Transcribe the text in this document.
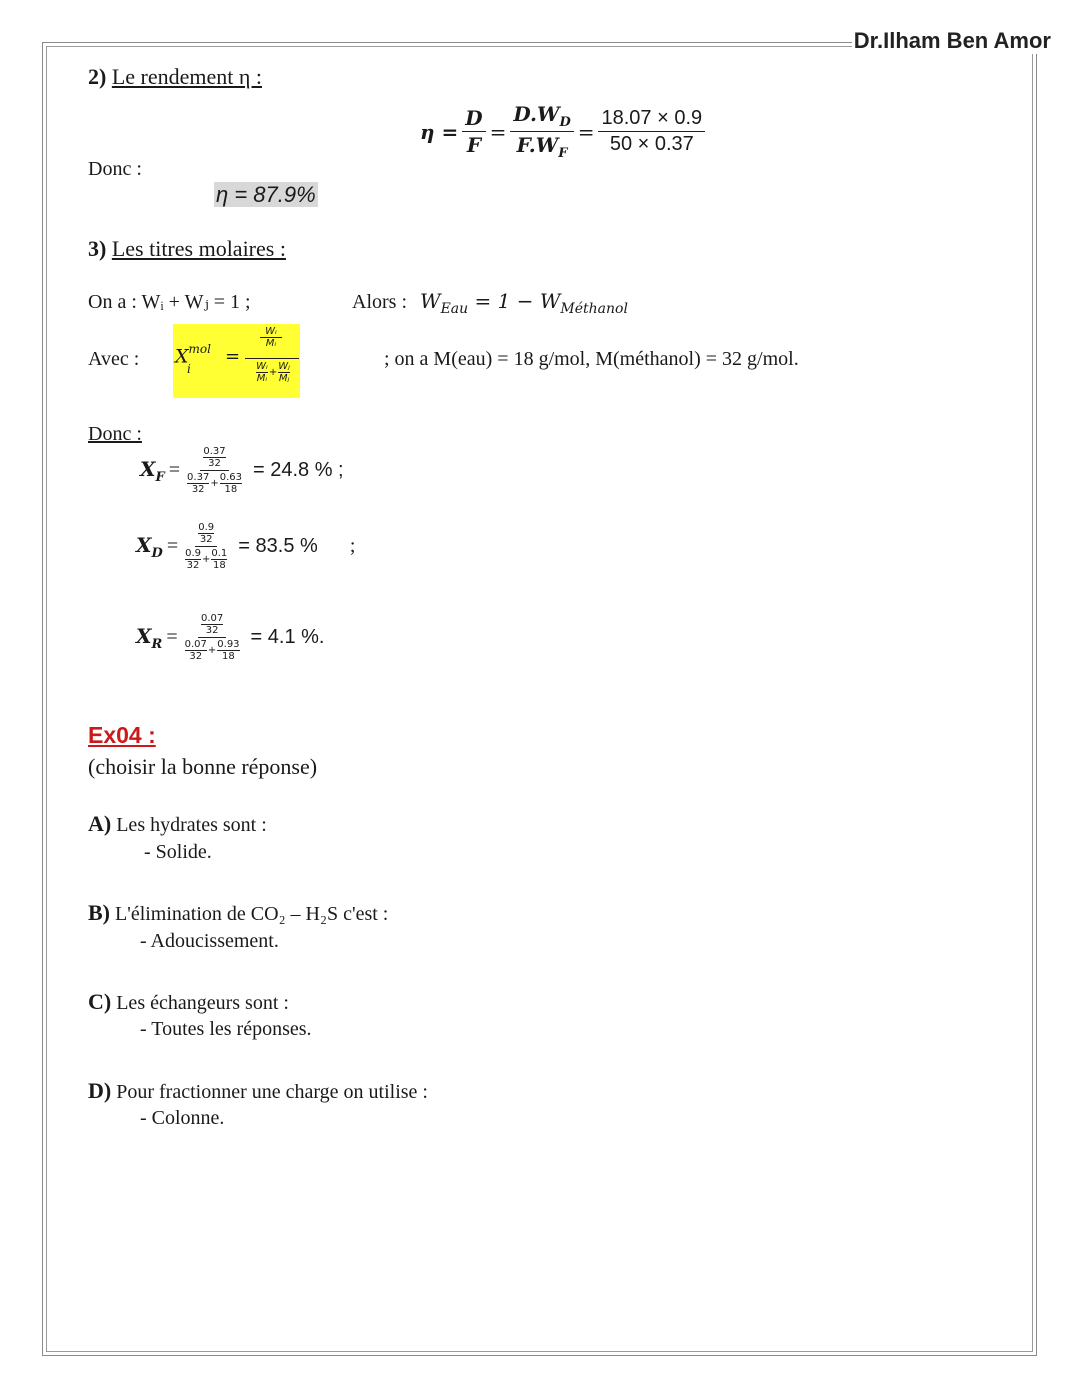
Dr.Ilham Ben Amor
2) Le rendement η :
$\eta = \frac{D}{F} = \frac{D.W_D}{F.W_F} = \frac{18.07 \times 0.9}{50 \times 0.37}$
Donc :
η = 87.9%
3) Les titres molaires :
On a : Wᵢ + Wⱼ = 1 ;	Alors : $W_{Eau} = 1 - W_{Méthanol}$
Avec : $X^{mol}$
i
=
Wᵢ
Mᵢ
Wᵢ
Mᵢ
+ $\frac{\text{Wⱼ}}{\text{Mⱼ}}$
; on a M(eau) = 18 g/mol, M(méthanol) = 32 g/mol.
Donc :
$X_F = \frac{0.37}{32}$
0.37
32
+ $\frac{0.63}{18} = 24.8$ % ;
$X_D = \frac{0.9}{32}$
0.9
32
+ $\frac{0.1}{18} = 83.5$ % ;
$X_R = \frac{0.07}{32}$
0.07
32
+ $\frac{0.93}{18} = 4.1$ %.
Ex04 :
(choisir la bonne réponse)
A) Les hydrates sont :
- Solide.
B) L'élimination de CO₂ – H₂S c'est :
- Adoucissement.
C) Les échangeurs sont :
- Toutes les réponses.
D) Pour fractionner une charge on utilise :
- Colonne.
